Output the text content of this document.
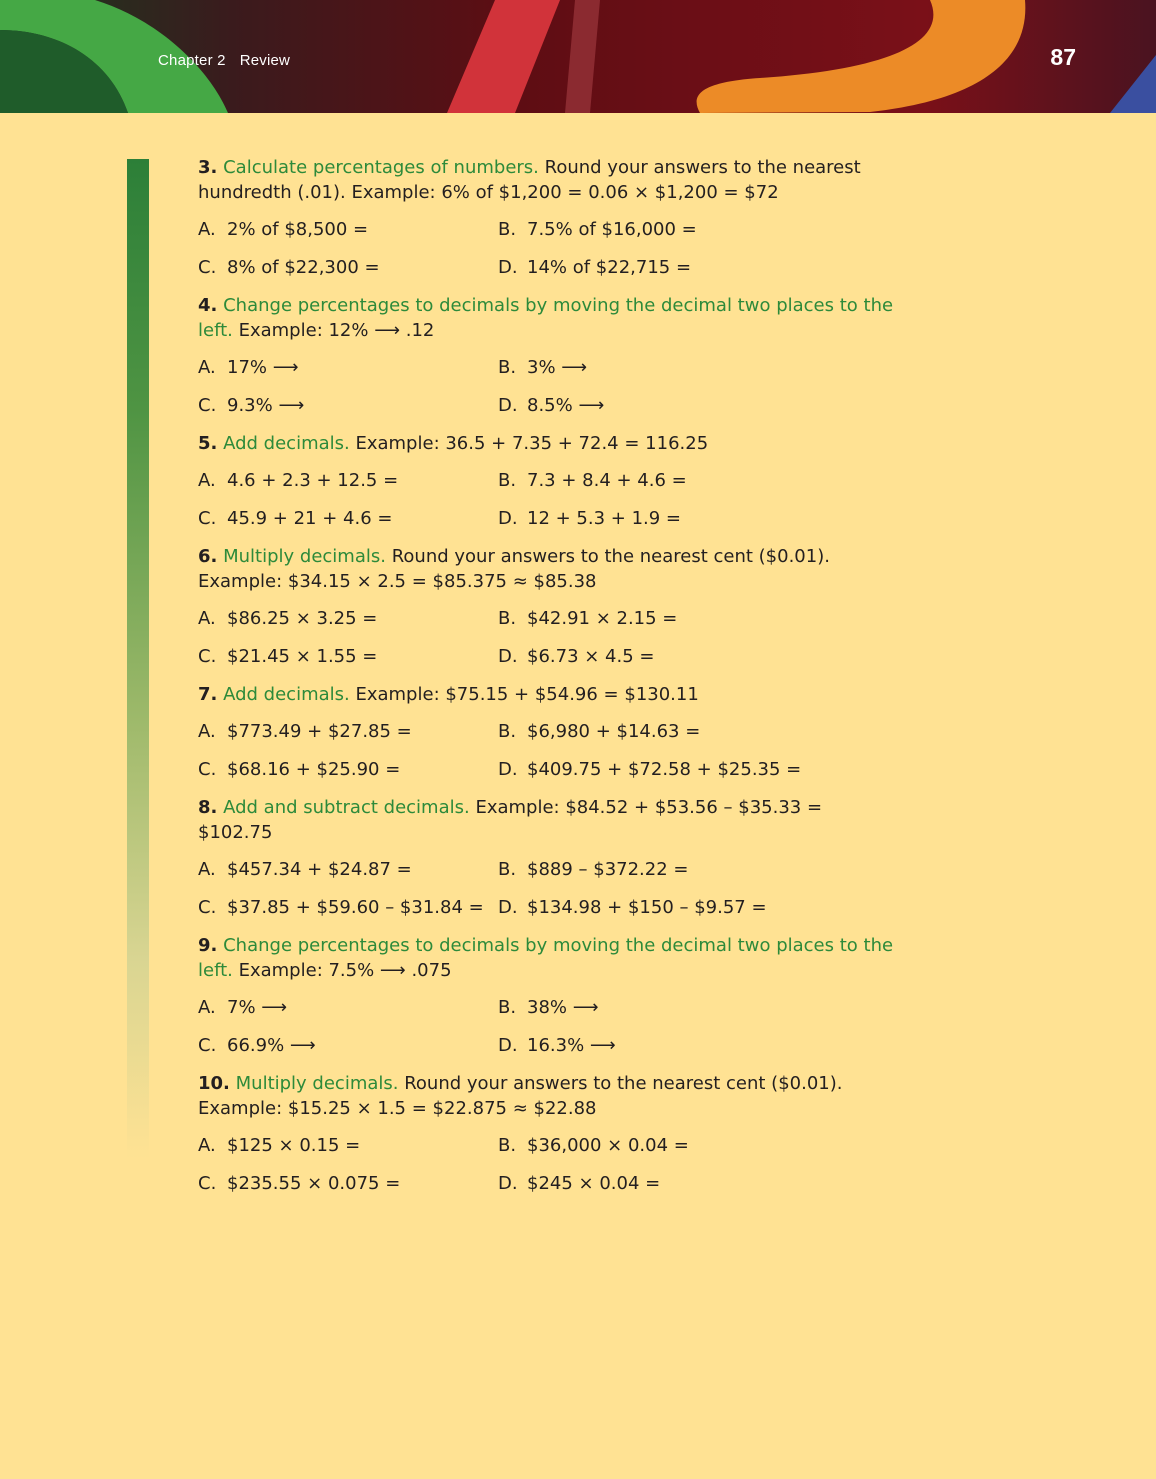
Chapter 2 Review	87

3. Calculate percentages of numbers. Round your answers to the nearest hundredth (.01). Example: 6% of $1,200 = 0.06 × $1,200 = $72

A. 2% of $8,500 =	B. 7.5% of $16,000 =
C. 8% of $22,300 =	D. 14% of $22,715 =

4. Change percentages to decimals by moving the decimal two places to the left. Example: 12% ⟶ .12

A. 17% ⟶	B. 3% ⟶
C. 9.3% ⟶	D. 8.5% ⟶

5. Add decimals. Example: 36.5 + 7.35 + 72.4 = 116.25

A. 4.6 + 2.3 + 12.5 =	B. 7.3 + 8.4 + 4.6 =
C. 45.9 + 21 + 4.6 =	D. 12 + 5.3 + 1.9 =

6. Multiply decimals. Round your answers to the nearest cent ($0.01). Example: $34.15 × 2.5 = $85.375 ≈ $85.38

A. $86.25 × 3.25 =	B. $42.91 × 2.15 =
C. $21.45 × 1.55 =	D. $6.73 × 4.5 =

7. Add decimals. Example: $75.15 + $54.96 = $130.11

A. $773.49 + $27.85 =	B. $6,980 + $14.63 =
C. $68.16 + $25.90 =	D. $409.75 + $72.58 + $25.35 =

8. Add and subtract decimals. Example: $84.52 + $53.56 – $35.33 = $102.75

A. $457.34 + $24.87 =	B. $889 – $372.22 =
C. $37.85 + $59.60 – $31.84 = D. $134.98 + $150 – $9.57 =

9. Change percentages to decimals by moving the decimal two places to the left. Example: 7.5% ⟶ .075

A. 7% ⟶	B. 38% ⟶
C. 66.9% ⟶	D. 16.3% ⟶

10. Multiply decimals. Round your answers to the nearest cent ($0.01). Example: $15.25 × 1.5 = $22.875 ≈ $22.88

A. $125 × 0.15 =	B. $36,000 × 0.04 =
C. $235.55 × 0.075 =	D. $245 × 0.04 =
